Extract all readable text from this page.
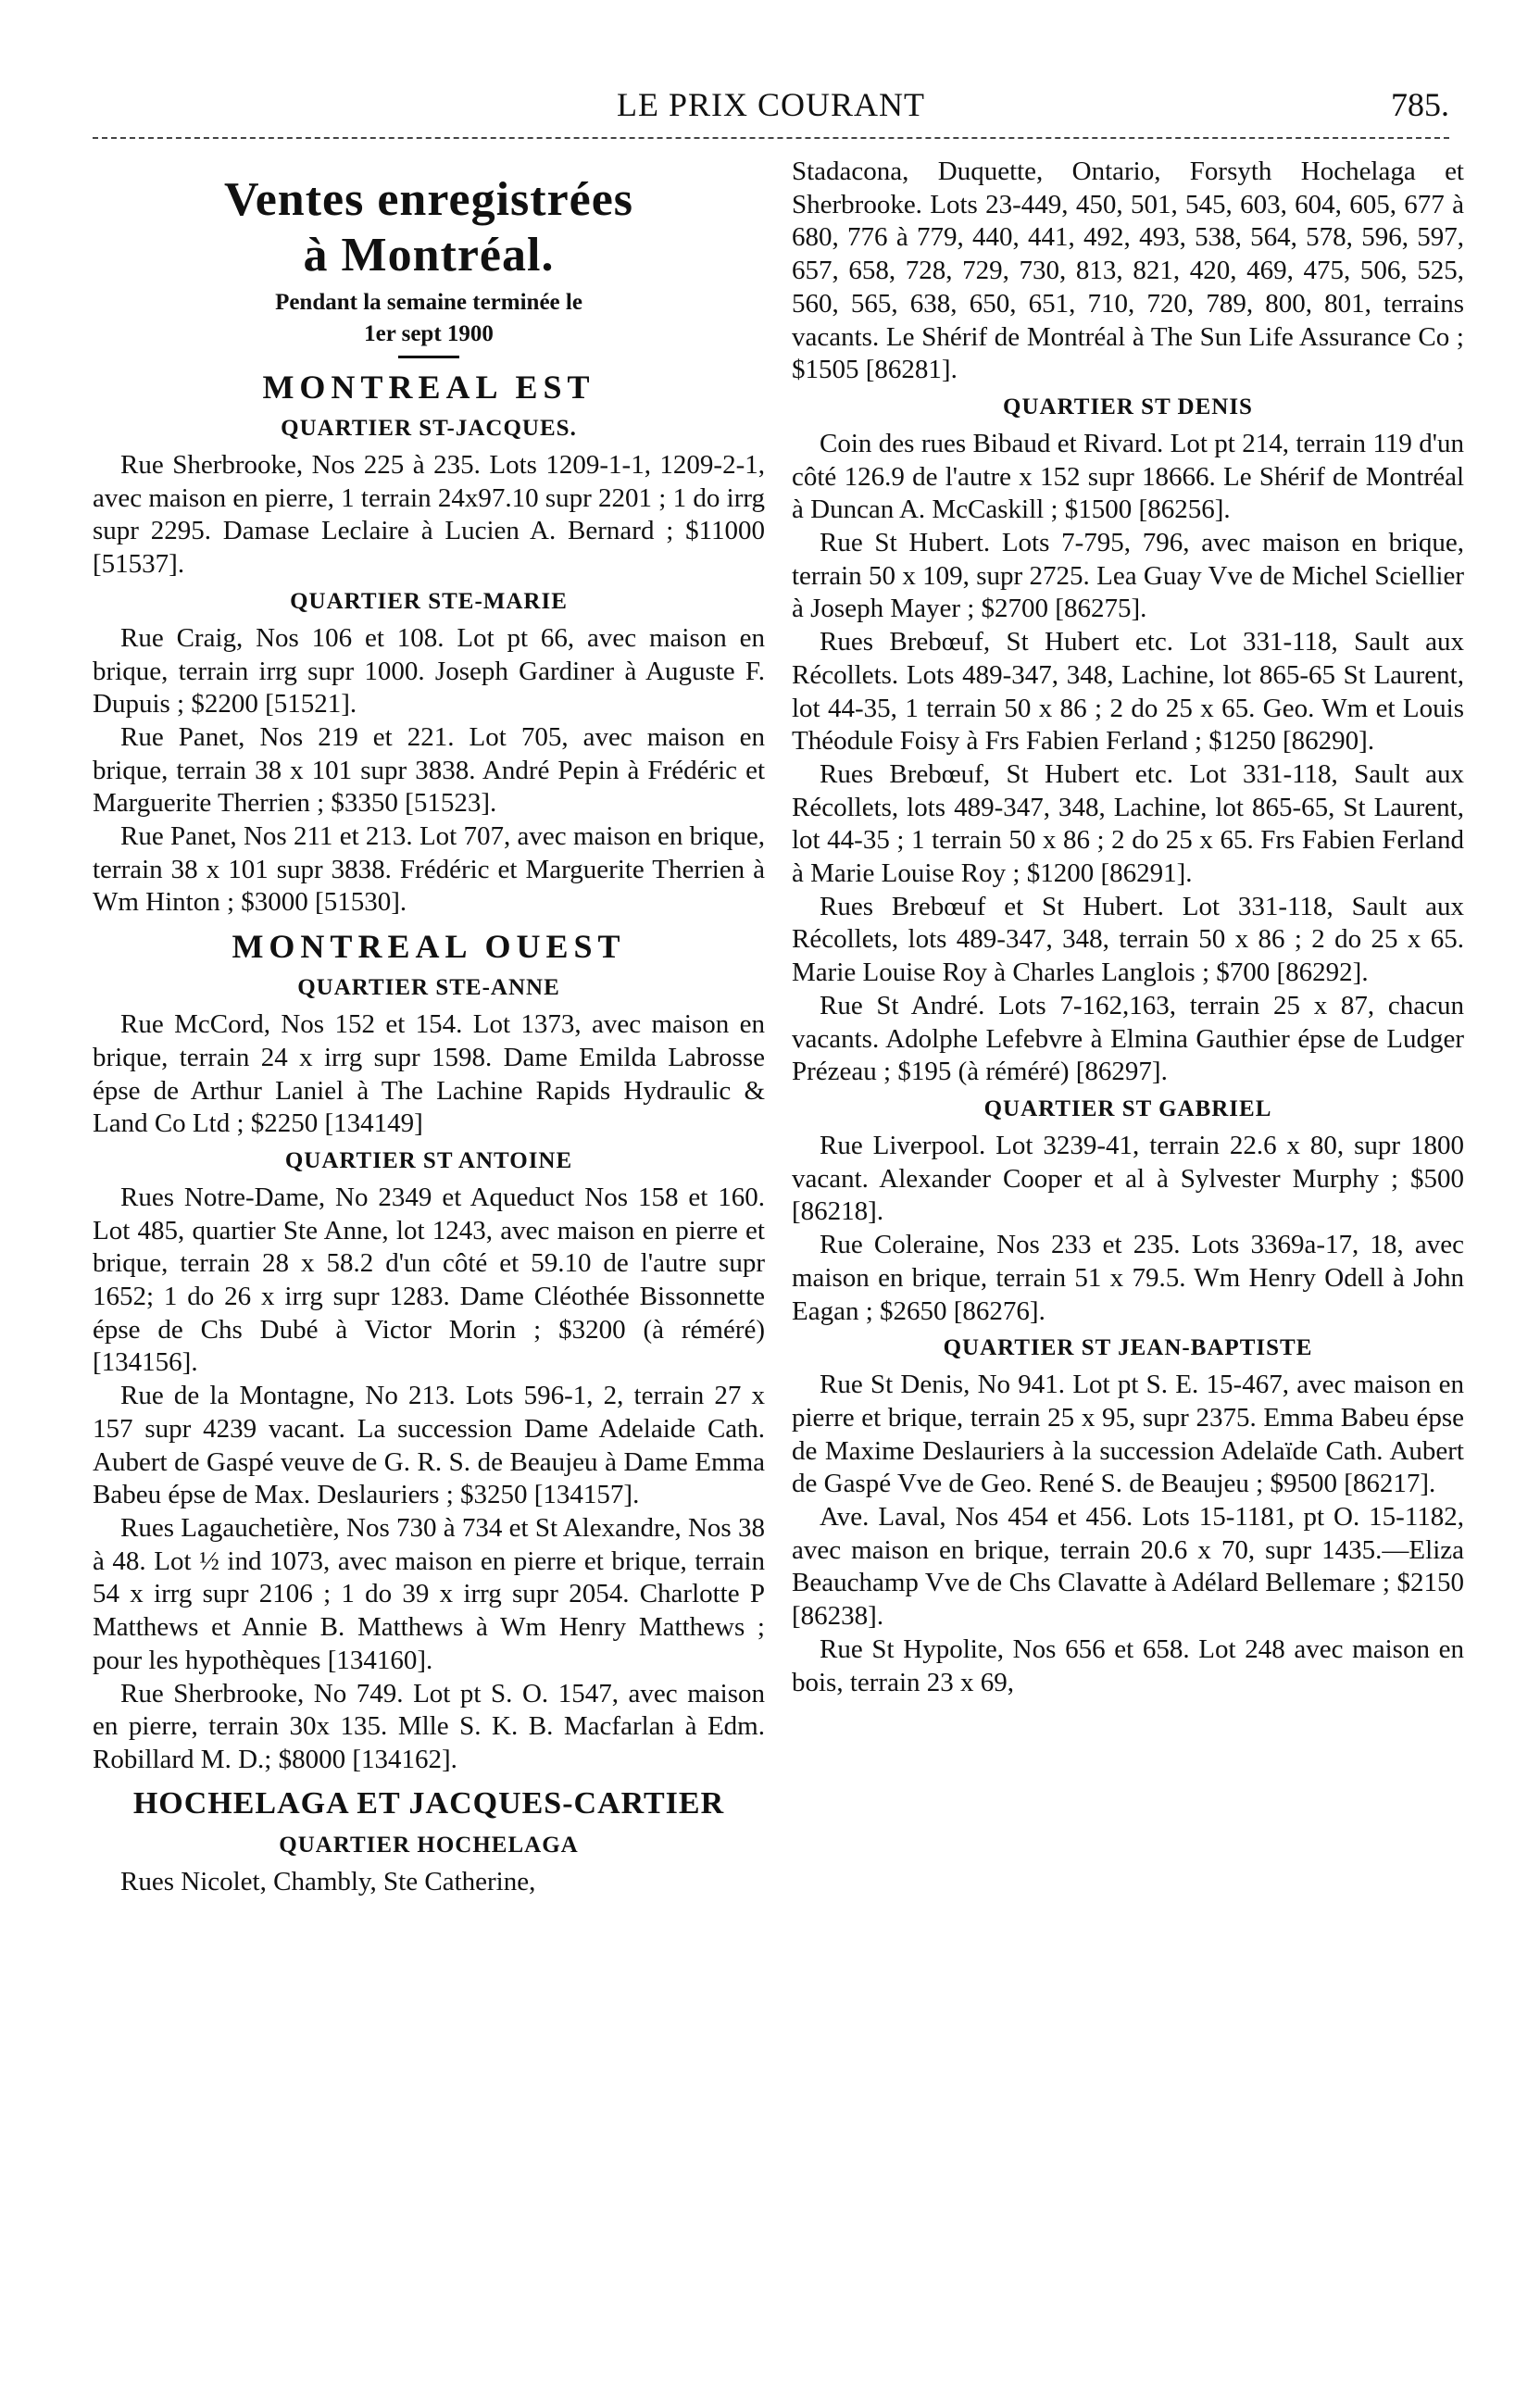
LE PRIX COURANT	785.
Ventes enregistrées
à Montréal.
Pendant la semaine terminée le
1er sept 1900
MONTREAL EST
QUARTIER ST-JACQUES.

Rue Sherbrooke, Nos 225 à 235. Lots 1209-1-1, 1209-2-1, avec maison en pierre, 1 terrain 24x97.10 supr 2201 ; 1 do irrg supr 2295. Damase Leclaire à Lucien A. Bernard ; $11000 [51537].

QUARTIER STE-MARIE

Rue Craig, Nos 106 et 108. Lot pt 66, avec maison en brique, terrain irrg supr 1000. Joseph Gardiner à Auguste F. Dupuis ; $2200 [51521].

Rue Panet, Nos 219 et 221. Lot 705, avec maison en brique, terrain 38 x 101 supr 3838. André Pepin à Frédéric et Marguerite Therrien ; $3350 [51523].

Rue Panet, Nos 211 et 213. Lot 707, avec maison en brique, terrain 38 x 101 supr 3838. Frédéric et Marguerite Therrien à Wm Hinton ; $3000 [51530].

MONTREAL OUEST
QUARTIER STE-ANNE

Rue McCord, Nos 152 et 154. Lot 1373, avec maison en brique, terrain 24 x irrg supr 1598. Dame Emilda Labrosse épse de Arthur Laniel à The Lachine Rapids Hydraulic & Land Co Ltd ; $2250 [134149]

QUARTIER ST ANTOINE

Rues Notre-Dame, No 2349 et Aqueduct Nos 158 et 160. Lot 485, quartier Ste Anne, lot 1243, avec maison en pierre et brique, terrain 28 x 58.2 d'un côté et 59.10 de l'autre supr 1652; 1 do 26 x irrg supr 1283. Dame Cléothée Bissonnette épse de Chs Dubé à Victor Morin ; $3200 (à réméré) [134156].

Rue de la Montagne, No 213. Lots 596-1, 2, terrain 27 x 157 supr 4239 vacant. La succession Dame Adelaide Cath. Aubert de Gaspé veuve de G. R. S. de Beaujeu à Dame Emma Babeu épse de Max. Deslauriers ; $3250 [134157].

Rues Lagauchetière, Nos 730 à 734 et St Alexandre, Nos 38 à 48. Lot ½ ind 1073, avec maison en pierre et brique, terrain 54 x irrg supr 2106 ; 1 do 39 x irrg supr 2054. Charlotte P Matthews et Annie B. Matthews à Wm Henry Matthews ; pour les hypothèques [134160].

Rue Sherbrooke, No 749. Lot pt S. O. 1547, avec maison en pierre, terrain 30x 135. Mlle S. K. B. Macfarlan à Edm. Robillard M. D.; $8000 [134162].

HOCHELAGA ET JACQUES-CARTIER
QUARTIER HOCHELAGA

Rues Nicolet, Chambly, Ste Catherine,

Stadacona, Duquette, Ontario, Forsyth Hochelaga et Sherbrooke. Lots 23-449, 450, 501, 545, 603, 604, 605, 677 à 680, 776 à 779, 440, 441, 492, 493, 538, 564, 578, 596, 597, 657, 658, 728, 729, 730, 813, 821, 420, 469, 475, 506, 525, 560, 565, 638, 650, 651, 710, 720, 789, 800, 801, terrains vacants. Le Shérif de Montréal à The Sun Life Assurance Co ; $1505 [86281].

QUARTIER ST DENIS

Coin des rues Bibaud et Rivard. Lot pt 214, terrain 119 d'un côté 126.9 de l'autre x 152 supr 18666. Le Shérif de Montréal à Duncan A. McCaskill ; $1500 [86256].

Rue St Hubert. Lots 7-795, 796, avec maison en brique, terrain 50 x 109, supr 2725. Lea Guay Vve de Michel Sciellier à Joseph Mayer ; $2700 [86275].

Rues Brebœuf, St Hubert etc. Lot 331-118, Sault aux Récollets. Lots 489-347, 348, Lachine, lot 865-65 St Laurent, lot 44-35, 1 terrain 50 x 86 ; 2 do 25 x 65. Geo. Wm et Louis Théodule Foisy à Frs Fabien Ferland ; $1250 [86290].

Rues Brebœuf, St Hubert etc. Lot 331-118, Sault aux Récollets, lots 489-347, 348, Lachine, lot 865-65, St Laurent, lot 44-35 ; 1 terrain 50 x 86 ; 2 do 25 x 65. Frs Fabien Ferland à Marie Louise Roy ; $1200 [86291].

Rues Brebœuf et St Hubert. Lot 331-118, Sault aux Récollets, lots 489-347, 348, terrain 50 x 86 ; 2 do 25 x 65. Marie Louise Roy à Charles Langlois ; $700 [86292].

Rue St André. Lots 7-162,163, terrain 25 x 87, chacun vacants. Adolphe Lefebvre à Elmina Gauthier épse de Ludger Prézeau ; $195 (à réméré) [86297].

QUARTIER ST GABRIEL

Rue Liverpool. Lot 3239-41, terrain 22.6 x 80, supr 1800 vacant. Alexander Cooper et al à Sylvester Murphy ; $500 [86218].

Rue Coleraine, Nos 233 et 235. Lots 3369a-17, 18, avec maison en brique, terrain 51 x 79.5. Wm Henry Odell à John Eagan ; $2650 [86276].

QUARTIER ST JEAN-BAPTISTE

Rue St Denis, No 941. Lot pt S. E. 15-467, avec maison en pierre et brique, terrain 25 x 95, supr 2375. Emma Babeu épse de Maxime Deslauriers à la succession Adelaïde Cath. Aubert de Gaspé Vve de Geo. René S. de Beaujeu ; $9500 [86217].

Ave. Laval, Nos 454 et 456. Lots 15-1181, pt O. 15-1182, avec maison en brique, terrain 20.6 x 70, supr 1435.—Eliza Beauchamp Vve de Chs Clavatte à Adélard Bellemare ; $2150 [86238].

Rue St Hypolite, Nos 656 et 658. Lot 248 avec maison en bois, terrain 23 x 69,
